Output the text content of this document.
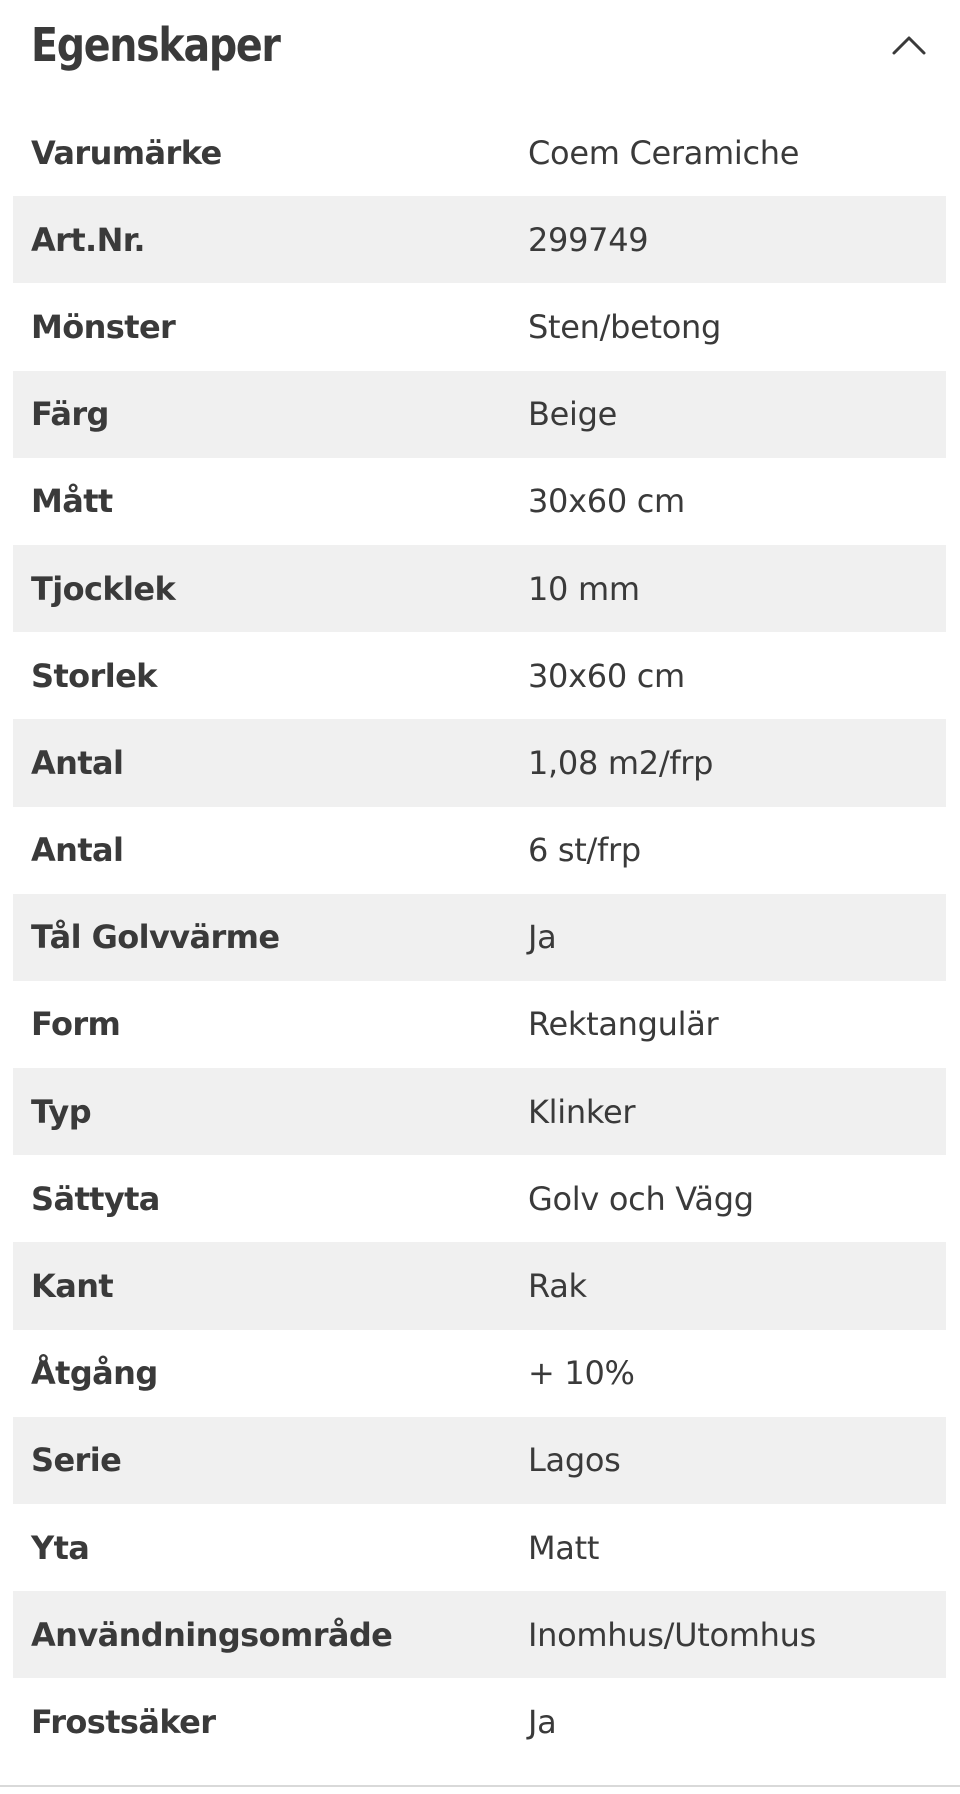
Egenskaper
Varumärke	Coem Ceramiche
Art.Nr.	299749
Mönster	Sten/betong
Färg	Beige
Mått	30x60 cm
Tjocklek	10 mm
Storlek	30x60 cm
Antal	1,08 m2/frp
Antal	6 st/frp
Tål Golvvärme	Ja
Form	Rektangulär
Typ	Klinker
Sättyta	Golv och Vägg
Kant	Rak
Åtgång	+ 10%
Serie	Lagos
Yta	Matt
Användningsområde	Inomhus/Utomhus
Frostsäker	Ja
